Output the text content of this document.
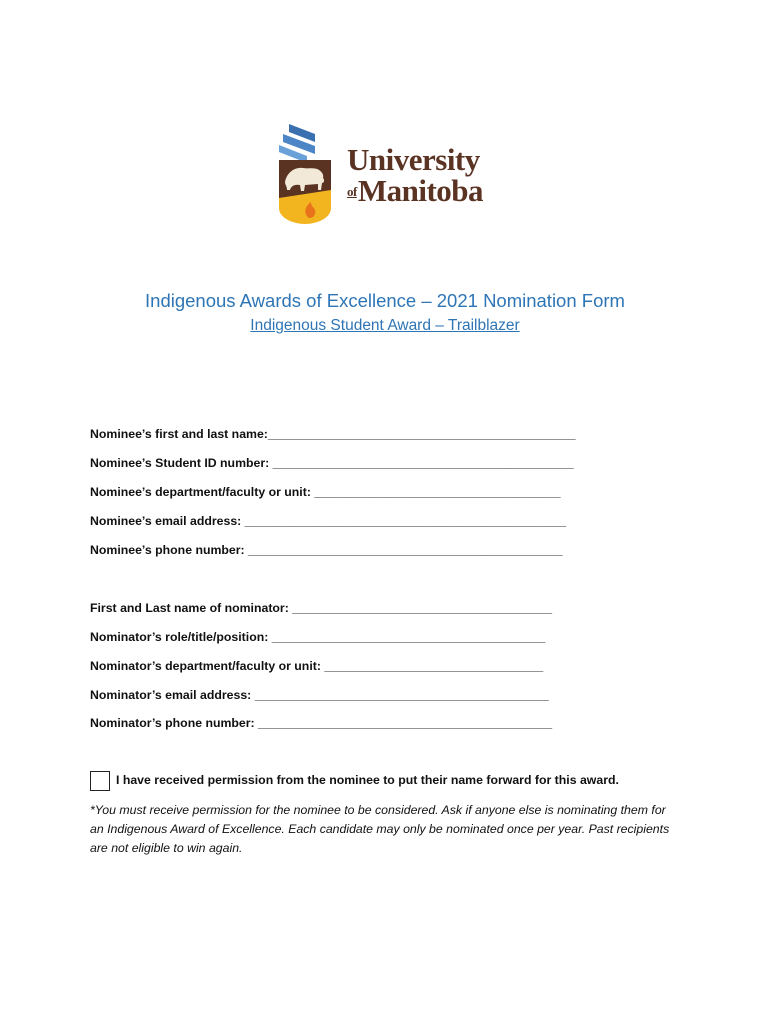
University
ofManitoba
Indigenous Awards of Excellence – 2021 Nomination Form
Indigenous Student Award – Trailblazer
Nominee’s first and last name:_____________________________________________
Nominee’s Student ID number: ____________________________________________
Nominee’s department/faculty or unit: ____________________________________
Nominee’s email address: _______________________________________________
Nominee’s phone number: ______________________________________________
First and Last name of nominator: ______________________________________
Nominator’s role/title/position: ________________________________________
Nominator’s department/faculty or unit: ________________________________
Nominator’s email address: ___________________________________________
Nominator’s phone number: ___________________________________________
I have received permission from the nominee to put their name forward for this award.
*You must receive permission for the nominee to be considered. Ask if anyone else is nominating them for an Indigenous Award of Excellence. Each candidate may only be nominated once per year. Past recipients are not eligible to win again.
